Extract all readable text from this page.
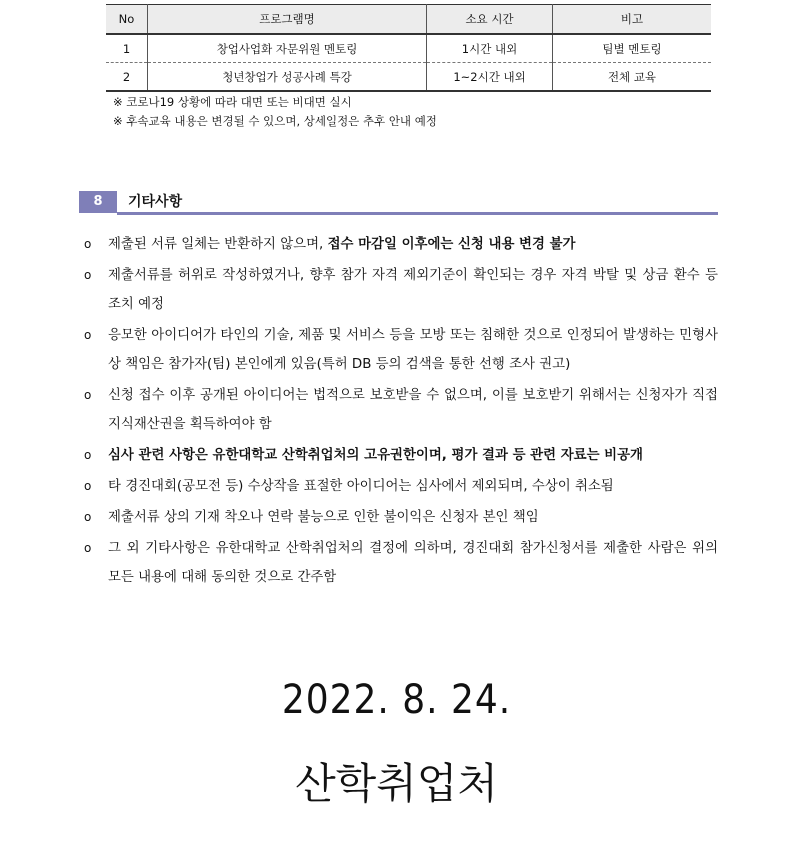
No	프로그램명	소요 시간	비고
1	창업사업화 자문위원 멘토링	1시간 내외	팀별 멘토링
2	청년창업가 성공사례 특강	1~2시간 내외	전체 교육
※ 코로나19 상황에 따라 대면 또는 비대면 실시
※ 후속교육 내용은 변경될 수 있으며, 상세일정은 추후 안내 예정
8	기타사항
o 제출된 서류 일체는 반환하지 않으며, 접수 마감일 이후에는 신청 내용 변경 불가
o 제출서류를 허위로 작성하였거나, 향후 참가 자격 제외기준이 확인되는 경우 자격 박탈 및 상금 환수 등 조치 예정
o 응모한 아이디어가 타인의 기술, 제품 및 서비스 등을 모방 또는 침해한 것으로 인정되어 발생하는 민형사상 책임은 참가자(팀) 본인에게 있음(특허 DB 등의 검색을 통한 선행 조사 권고)
o 신청 접수 이후 공개된 아이디어는 법적으로 보호받을 수 없으며, 이를 보호받기 위해서는 신청자가 직접 지식재산권을 획득하여야 함
o 심사 관련 사항은 유한대학교 산학취업처의 고유권한이며, 평가 결과 등 관련 자료는 비공개
o 타 경진대회(공모전 등) 수상작을 표절한 아이디어는 심사에서 제외되며, 수상이 취소됨
o 제출서류 상의 기재 착오나 연락 불능으로 인한 불이익은 신청자 본인 책임
o 그 외 기타사항은 유한대학교 산학취업처의 결정에 의하며, 경진대회 참가신청서를 제출한 사람은 위의 모든 내용에 대해 동의한 것으로 간주함
2022. 8. 24.
산학취업처
